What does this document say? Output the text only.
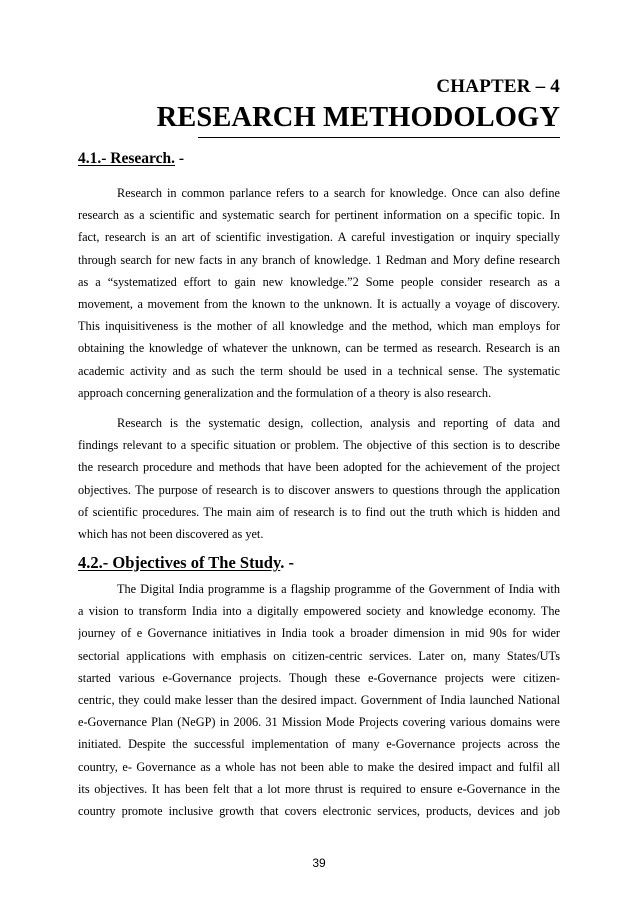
CHAPTER – 4
RESEARCH METHODOLOGY
4.1.- Research. -
Research in common parlance refers to a search for knowledge. Once can also define
research as a scientific and systematic search for pertinent information on a specific topic. In
fact, research is an art of scientific investigation. A careful investigation or inquiry specially
through search for new facts in any branch of knowledge. 1 Redman and Mory define research
as a “systematized effort to gain new knowledge.”2 Some people consider research as a
movement, a movement from the known to the unknown. It is actually a voyage of discovery.
This inquisitiveness is the mother of all knowledge and the method, which man employs for
obtaining the knowledge of whatever the unknown, can be termed as research. Research is an
academic activity and as such the term should be used in a technical sense. The systematic
approach concerning generalization and the formulation of a theory is also research.
Research is the systematic design, collection, analysis and reporting of data and
findings relevant to a specific situation or problem. The objective of this section is to describe
the research procedure and methods that have been adopted for the achievement of the project
objectives. The purpose of research is to discover answers to questions through the application
of scientific procedures. The main aim of research is to find out the truth which is hidden and
which has not been discovered as yet.
4.2.- Objectives of The Study. -
The Digital India programme is a flagship programme of the Government of India with
a vision to transform India into a digitally empowered society and knowledge economy. The
journey of e Governance initiatives in India took a broader dimension in mid 90s for wider
sectorial applications with emphasis on citizen-centric services. Later on, many States/UTs
started various e-Governance projects. Though these e-Governance projects were citizen-
centric, they could make lesser than the desired impact. Government of India launched National
e-Governance Plan (NeGP) in 2006. 31 Mission Mode Projects covering various domains were
initiated. Despite the successful implementation of many e-Governance projects across the
country, e- Governance as a whole has not been able to make the desired impact and fulfil all
its objectives. It has been felt that a lot more thrust is required to ensure e-Governance in the
country promote inclusive growth that covers electronic services, products, devices and job
39
